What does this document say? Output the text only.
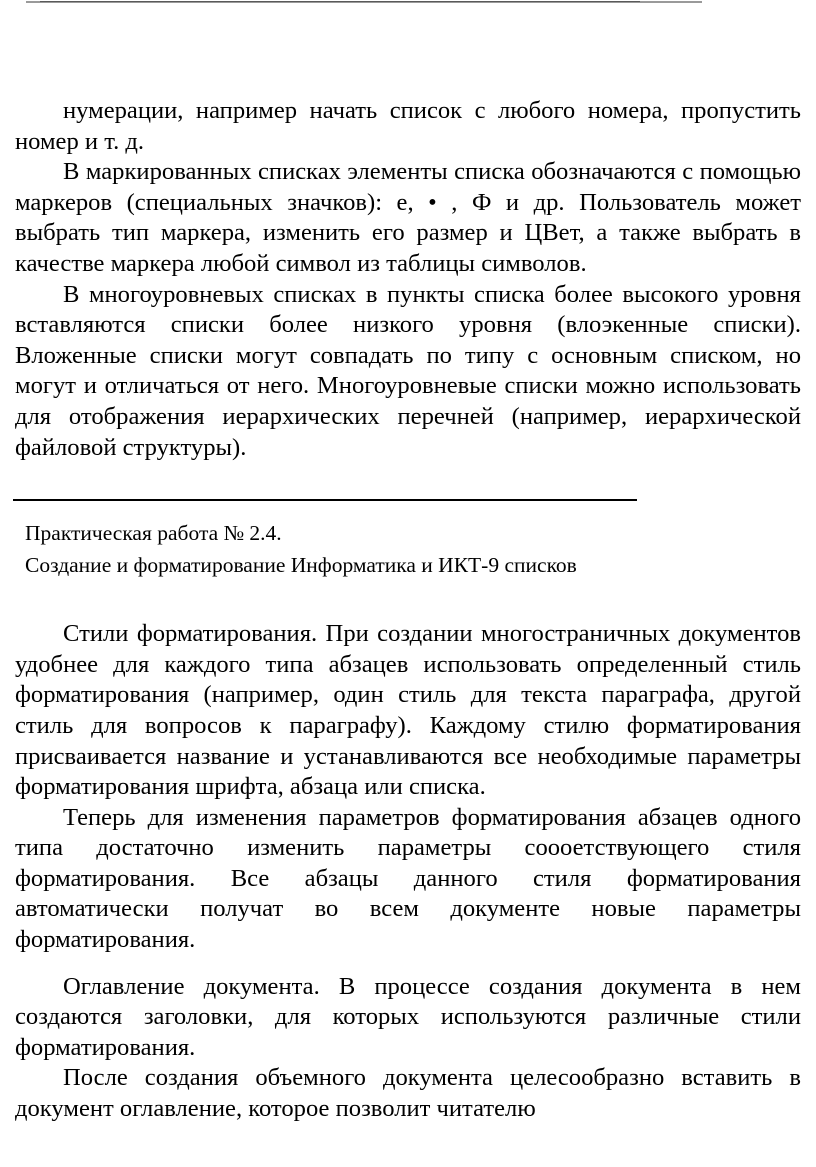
нумерации, например начать список с любого номера, пропустить номер и т. д.

В маркированных списках элементы списка обозначаются с помощью маркеров (специальных значков): е, • , Ф и др. Пользователь может выбрать тип маркера, изменить его размер и ЦВет, а также выбрать в качестве маркера любой символ из таблицы символов.

В многоуровневых списках в пункты списка более высокого уровня вставляются списки более низкого уровня (влоэкенные списки). Вложенные списки могут совпадать по типу с основным списком, но могут и отличаться от него. Многоуровневые списки можно использовать для отображения иерархических перечней (например, иерархической файловой структуры).

Практическая работа № 2.4.
Создание и форматирование Информатика и ИКТ-9 списков

Стили форматирования. При создании многостраничных документов удобнее для каждого типа абзацев использовать определенный стиль форматирования (например, один стиль для текста параграфа, другой стиль для вопросов к параграфу). Каждому стилю форматирования присваивается название и устанавливаются все необходимые параметры форматирования шрифта, абзаца или списка.

Теперь для изменения параметров форматирования абзацев одного типа достаточно изменить параметры соооетствующего стиля форматирования. Все абзацы данного стиля форматирования автоматически получат во всем документе новые параметры форматирования.

Оглавление документа. В процессе создания документа в нем создаются заголовки, для которых используются различные стили форматирования.

После создания объемного документа целесообразно вставить в документ оглавление, которое позволит читателю
